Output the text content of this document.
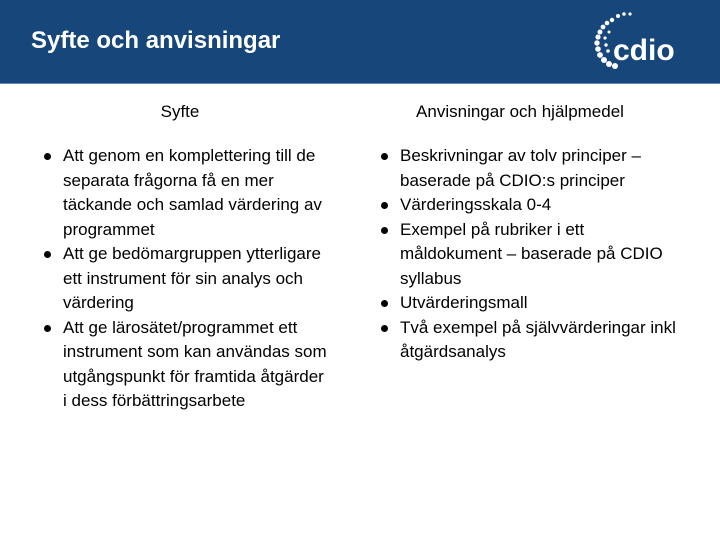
Syfte och anvisningar	cdio
Syfte	Anvisningar och hjälpmedel
Att genom en komplettering till de separata frågorna få en mer täckande och samlad värdering av programmet
Att ge bedömargruppen ytterligare ett instrument för sin analys och värdering
Att ge lärosätet/programmet ett instrument som kan användas som utgångspunkt för framtida åtgärder i dess förbättringsarbete
Beskrivningar av tolv principer – baserade på CDIO:s principer
Värderingsskala 0-4
Exempel på rubriker i ett måldokument – baserade på CDIO syllabus
Utvärderingsmall
Två exempel på självvärderingar inkl åtgärdsanalys
